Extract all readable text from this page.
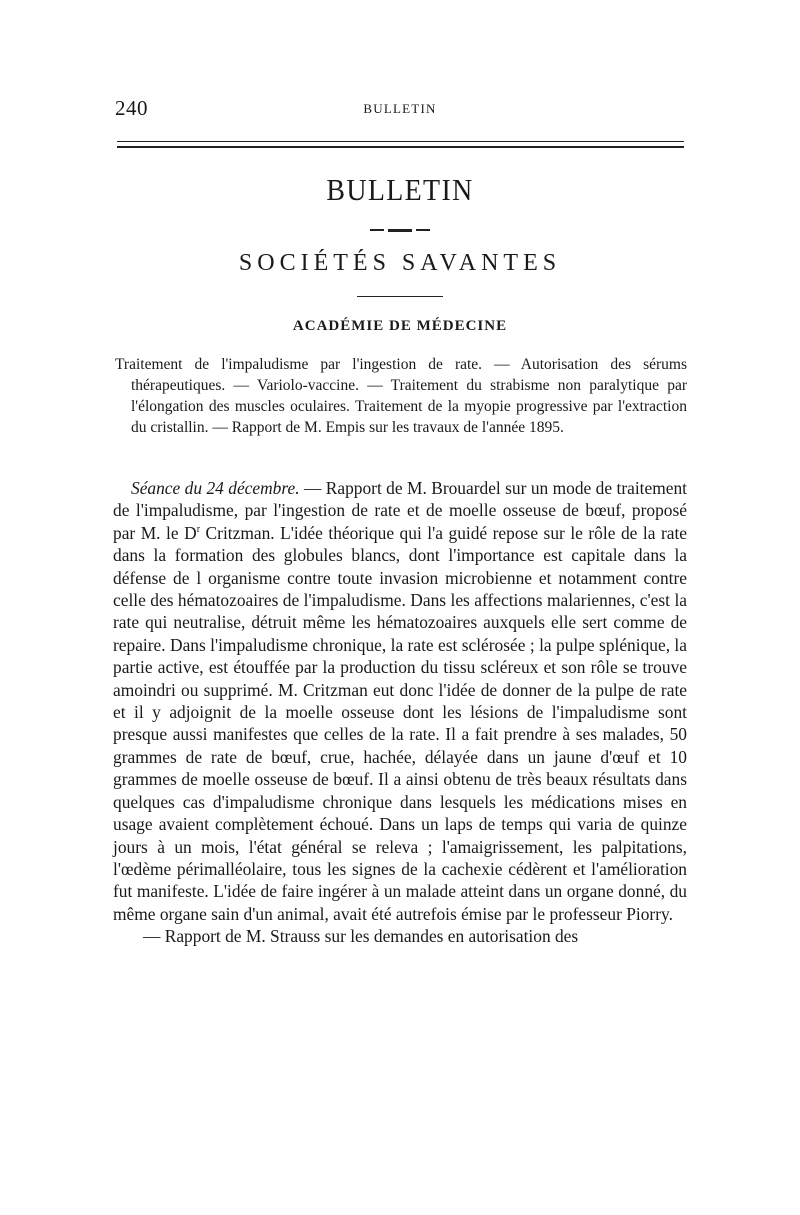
240	BULLETIN
BULLETIN
SOCIÉTÉS SAVANTES
ACADÉMIE DE MÉDECINE
Traitement de l'impaludisme par l'ingestion de rate. — Autorisation des sérums thérapeutiques. — Variolo-vaccine. — Traitement du strabisme non paralytique par l'élongation des muscles oculaires. Traitement de la myopie progressive par l'extraction du cristallin. — Rapport de M. Empis sur les travaux de l'année 1895.

Séance du 24 décembre. — Rapport de M. Brouardel sur un mode de traitement de l'impaludisme, par l'ingestion de rate et de moelle osseuse de bœuf, proposé par M. le $D^r$ Critzman. L'idée théorique qui l'a guidé repose sur le rôle de la rate dans la formation des globules blancs, dont l'importance est capitale dans la défense de l organisme contre toute invasion microbienne et notamment contre celle des hématozoaires de l'impaludisme. Dans les affections malariennes, c'est la rate qui neutralise, détruit même les hématozoaires auxquels elle sert comme de repaire. Dans l'impaludisme chronique, la rate est sclérosée ; la pulpe splénique, la partie active, est étouffée par la production du tissu scléreux et son rôle se trouve amoindri ou supprimé. M. Critzman eut donc l'idée de donner de la pulpe de rate et il y adjoignit de la moelle osseuse dont les lésions de l'impaludisme sont presque aussi manifestes que celles de la rate. Il a fait prendre à ses malades, 50 grammes de rate de bœuf, crue, hachée, délayée dans un jaune d'œuf et 10 grammes de moelle osseuse de bœuf. Il a ainsi obtenu de très beaux résultats dans quelques cas d'impaludisme chronique dans lesquels les médications mises en usage avaient complètement échoué. Dans un laps de temps qui varia de quinze jours à un mois, l'état général se releva ; l'amaigrissement, les palpitations, l'œdème périmalléolaire, tous les signes de la cachexie cédèrent et l'amélioration fut manifeste. L'idée de faire ingérer à un malade atteint dans un organe donné, du même organe sain d'un animal, avait été autrefois émise par le professeur Piorry.

— Rapport de M. Strauss sur les demandes en autorisation des
